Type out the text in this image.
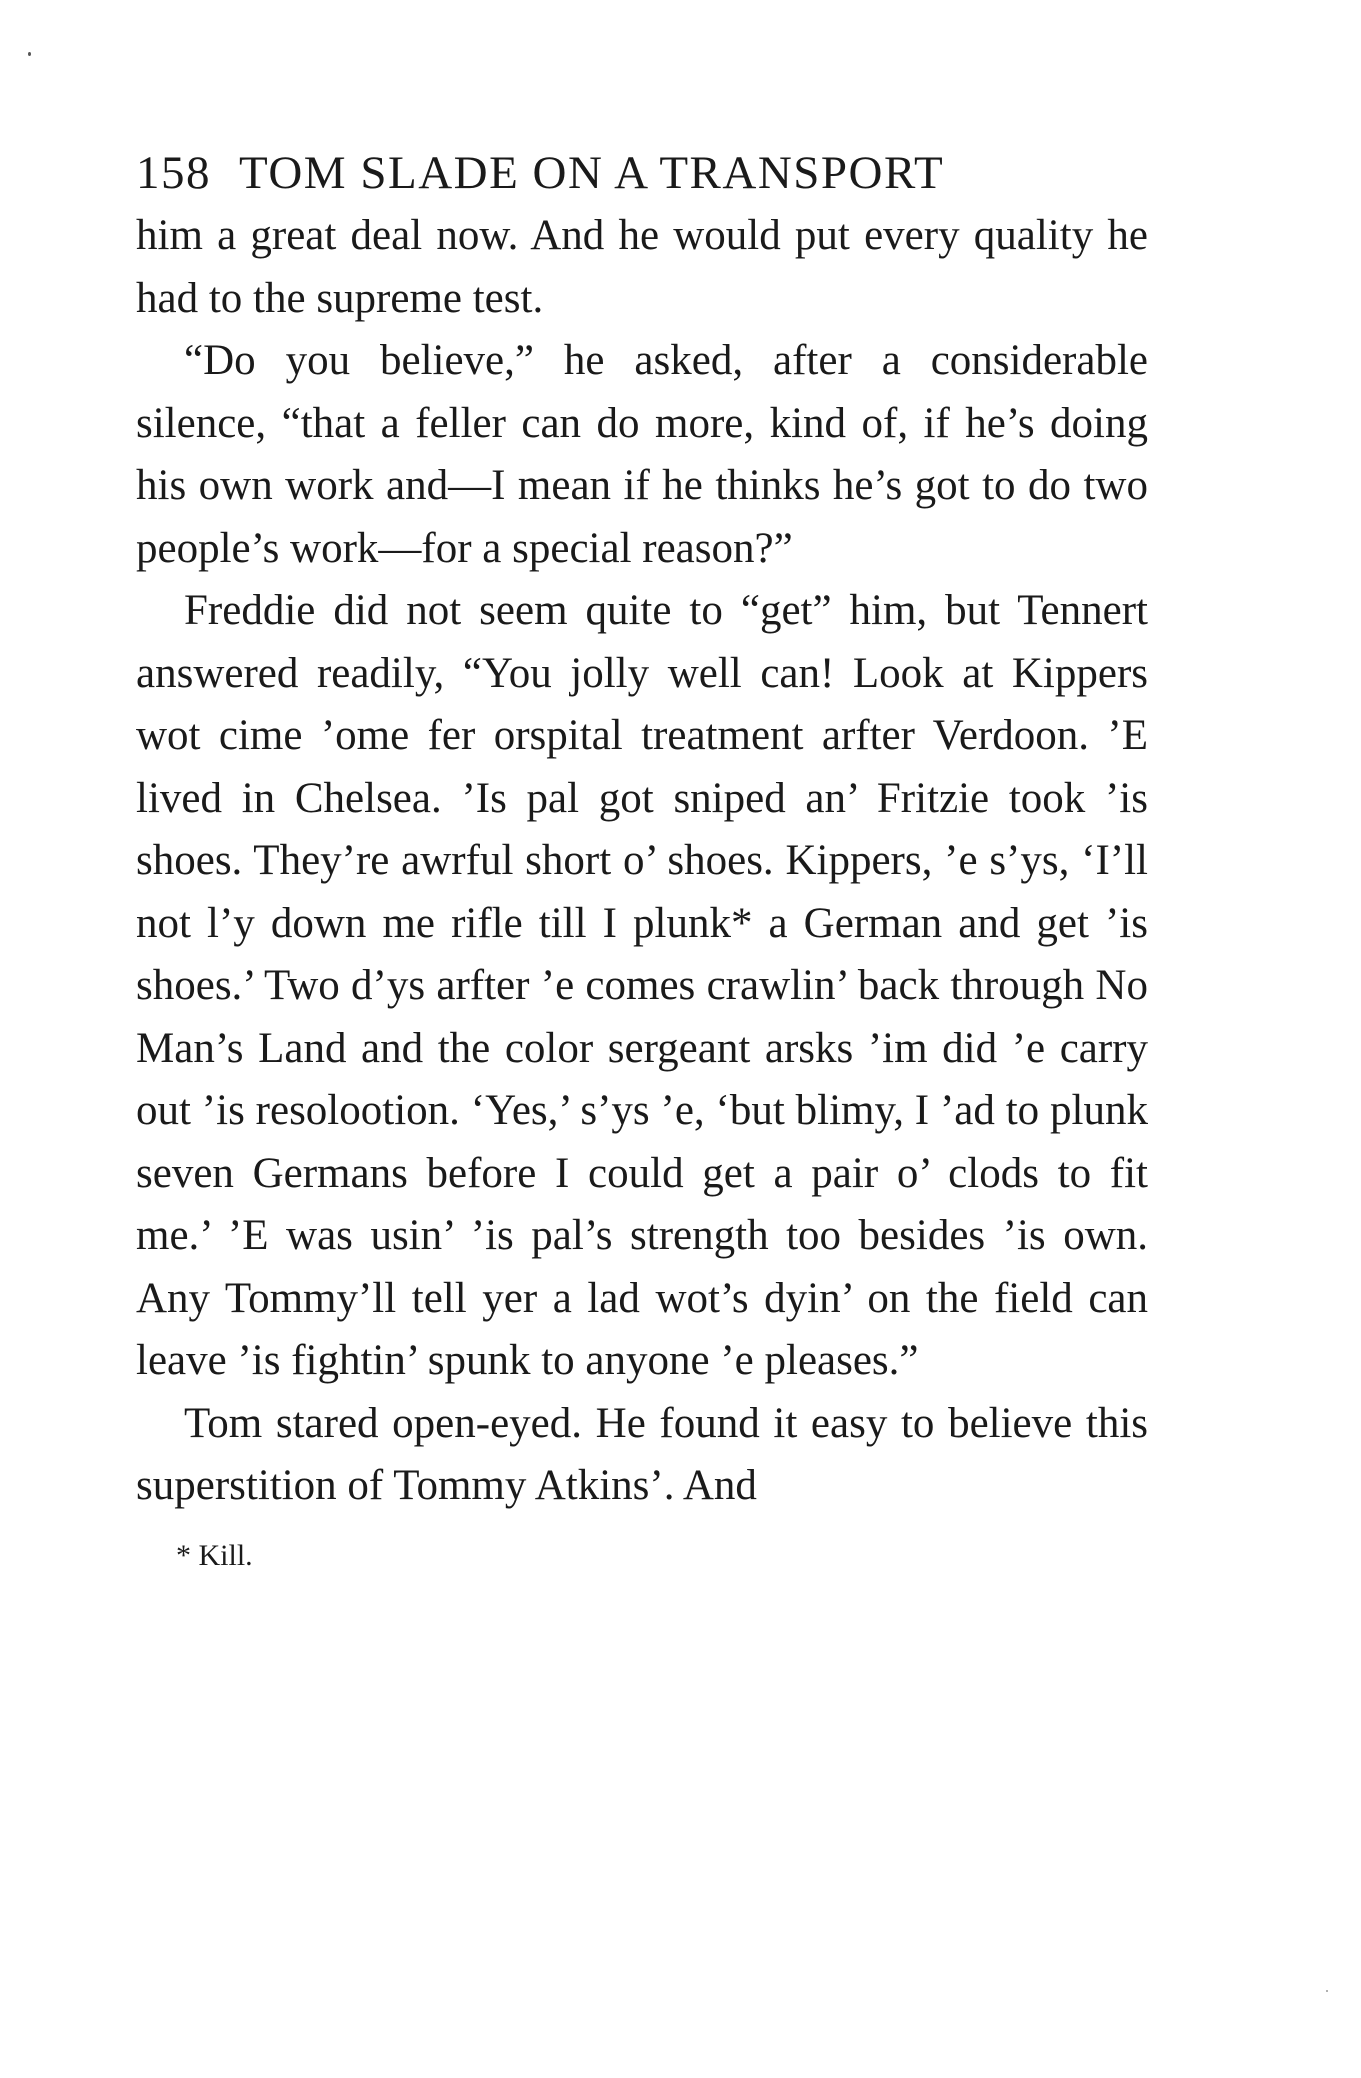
158 TOM SLADE ON A TRANSPORT

him a great deal now. And he would put every quality he had to the supreme test.

“Do you believe,” he asked, after a considerable silence, “that a feller can do more, kind of, if he’s doing his own work and—I mean if he thinks he’s got to do two people’s work—for a special reason?”

Freddie did not seem quite to “get” him, but Tennert answered readily, “You jolly well can! Look at Kippers wot cime ’ome fer orspital treatment arfter Verdoon. ’E lived in Chelsea. ’Is pal got sniped an’ Fritzie took ’is shoes. They’re awrful short o’ shoes. Kippers, ’e s’ys, ‘I’ll not l’y down me rifle till I plunk* a German and get ’is shoes.’ Two d’ys arfter ’e comes crawlin’ back through No Man’s Land and the color sergeant arsks ’im did ’e carry out ’is resolootion. ‘Yes,’ s’ys ’e, ‘but blimy, I ’ad to plunk seven Germans before I could get a pair o’ clods to fit me.’ ’E was usin’ ’is pal’s strength too besides ’is own. Any Tommy’ll tell yer a lad wot’s dyin’ on the field can leave ’is fightin’ spunk to anyone ’e pleases.”

Tom stared open-eyed. He found it easy to believe this superstition of Tommy Atkins’. And

* Kill.
